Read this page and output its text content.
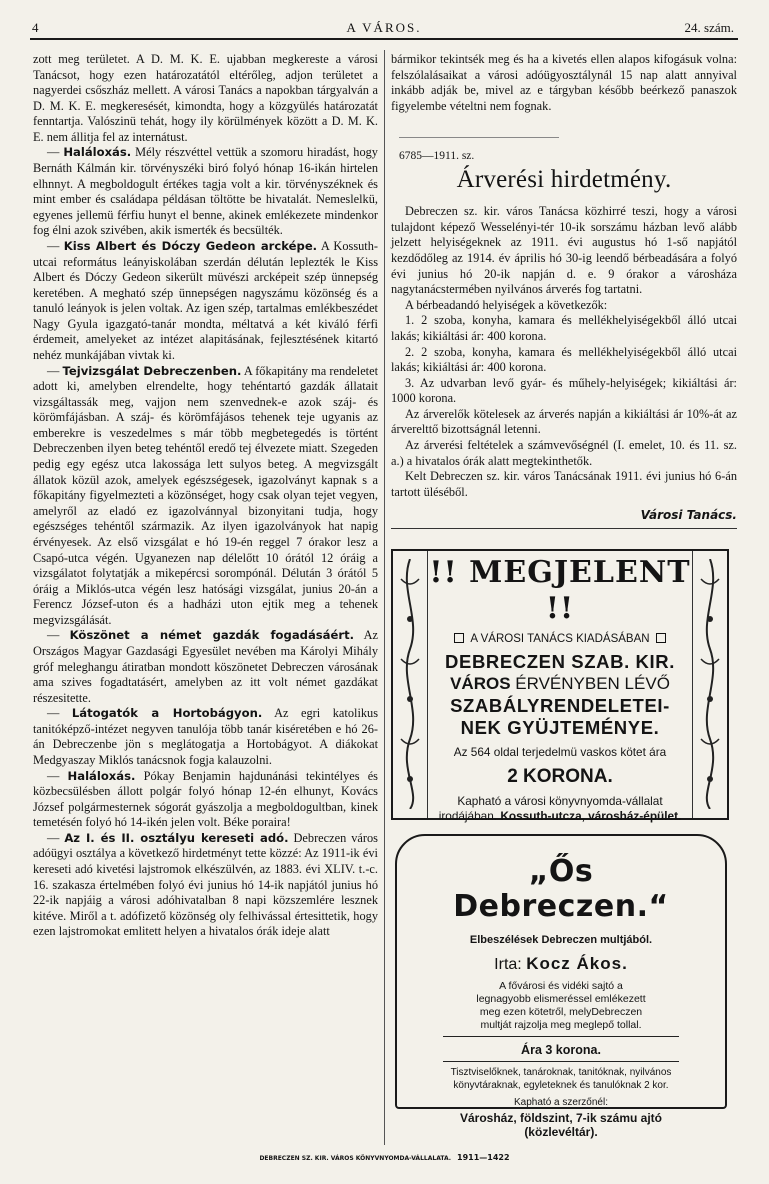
4	A VÁROS.	24. szám.

zott meg területet. A D. M. K. E. ujabban megkereste a városi Tanácsot, hogy ezen határozatától eltérőleg, adjon területet a nagyerdei csőszház mellett. A városi Tanács a napokban tárgyalván a D. M. K. E. megkeresését, kimondta, hogy a közgyülés határozatát fenntartja. Valószinü tehát, hogy ily körülmények között a D. M. K. E. nem állitja fel az internátust.

— Haláloxás. Mély részvéttel vettük a szomoru hiradást, hogy Bernáth Kálmán kir. törvényszéki biró folyó hónap 16-ikán hirtelen elhnnyt. A megboldogult értékes tagja volt a kir. törvényszéknek és mint ember és családapa példásan töltötte be hivatalát. Nemeslelkü, egyenes jellemü férfiu hunyt el benne, akinek emlékezete mindenkor fog élni azok szivében, akik ismerték és becsülték.

— Kiss Albert és Dóczy Gedeon arcképe. A Kossuth-utcai református leányiskolában szerdán délután leplezték le Kiss Albert és Dóczy Gedeon sikerült müvészi arcképeit szép ünnepség keretében. A megható szép ünnepségen nagyszámu közönség és a tanuló leányok is jelen voltak. Az igen szép, tartalmas emlékbeszédet Nagy Gyula igazgató-tanár mondta, méltatvá a két kiváló férfi érdemeit, amelyeket az intézet alapitásának, fejlesztésének kitartó nehéz munkájában vivtak ki.

— Tejvizsgálat Debreczenben. A főkapitány ma rendeletet adott ki, amelyben elrendelte, hogy tehéntartó gazdák állatait vizsgáltassák meg, vajjon nem szenvednek-e azok száj- és körömfájásban. A száj- és körömfájásos tehenek teje ugyanis az emberekre is veszedelmes s már több megbetegedés is történt Debreczenben ilyen beteg tehéntől eredő tej élvezete miatt. Szegeden pedig egy egész utca lakossága lett sulyos beteg. A megvizsgált állatok közül azok, amelyek egészségesek, igazolványt kapnak s a főkapitány figyelmezteti a közönséget, hogy csak olyan tejet vegyen, amelyről az eladó ez igazolvánnyal bizonyitani tudja, hogy egészséges tehéntől származik. Az ilyen igazolványok hat napig érvényesek. Az első vizsgálat e hó 19-én reggel 7 órakor lesz a Csapó-utca végén. Ugyanezen nap délelőtt 10 órától 12 óráig a vizsgálatot folytatják a mikepércsi sorompónál. Délután 3 órától 5 óráig a Miklós-utca végén lesz hatósági vizsgálat, junius 20-án a Ferencz József-uton és a hadházi uton ejtik meg a tehenek megvizsgálását.

— Köszönet a német gazdák fogadásáért. Az Országos Magyar Gazdasági Egyesület nevében ma Károlyi Mihály gróf meleghangu átiratban mondott köszönetet Debreczen városának ama szives fogadtatásért, amelyben az itt volt német gazdákat részesitette.

— Látogatók a Hortobágyon. Az egri katolikus tanitóképző-intézet negyven tanulója több tanár kiséretében e hó 26-án Debreczenbe jön s meglátogatja a Hortobágyot. A diákokat Medgyaszay Miklós tanácsnok fogja kalauzolni.

— Haláloxás. Pókay Benjamin hajdunánási tekintélyes és közbecsülésben állott polgár folyó hónap 12-én elhunyt, Kovács József polgármesternek sógorát gyászolja a megboldogultban, kinek temetésén folyó hó 14-ikén jelen volt. Béke poraira!

— Az I. és II. osztályu kereseti adó. Debreczen város adóügyi osztálya a következő hirdetményt tette közzé: Az 1911-ik évi kereseti adó kivetési lajstromok elkészülvén, az 1883. évi XLIV. t.-c. 16. szakasza értelmében folyó évi junius hó 14-ik napjától junius hó 22-ik napjáig a városi adóhivatalban 8 napi közszemlére lesznek kitéve. Miről a t. adófizető közönség oly felhivással értesittetik, hogy ezen lajstromokat emlitett helyen a hivatalos órák ideje alatt

bármikor tekintsék meg és ha a kivetés ellen alapos kifogásuk volna: felszólalásaikat a városi adóügyosztálynál 15 nap alatt annyival inkább adják be, mivel az e tárgyban később beérkező panaszok figyelembe vételtni nem fognak.

6785—1911. sz.
Árverési hirdetmény.

Debreczen sz. kir. város Tanácsa közhirré teszi, hogy a városi tulajdont képező Wesselényi-tér 10-ik sorszámu házban levő alább jelzett helyiségeknek az 1911. évi augustus hó 1-ső napjától kezdődőleg az 1914. év április hó 30-ig leendő bérbeadására a folyó évi junius hó 20-ik napján d. e. 9 órakor a városháza nagytanácstermében nyilvános árverés fog tartatni.

A bérbeadandó helyiségek a következők:

1. 2 szoba, konyha, kamara és mellékhelyiségekből álló utcai lakás; kikiáltási ár: 400 korona.

2. 2 szoba, konyha, kamara és mellékhelyiségekből álló utcai lakás; kikiáltási ár: 400 korona.

3. Az udvarban levő gyár- és műhely-helyiségek; kikiáltási ár: 1000 korona.

Az árverelők kötelesek az árverés napján a kikiáltási ár 10%-át az árverelttő bizottságnál letenni.

Az árverési feltételek a számvevőségnél (I. emelet, 10. és 11. sz. a.) a hivatalos órák alatt megtekinthetők.

Kelt Debreczen sz. kir. város Tanácsának 1911. évi junius hó 6-án tartott üléséből.

Városi Tanács.
!! MEGJELENT !!
A VÁROSI TANÁCS KIADÁSÁBAN
DEBRECZEN SZAB. KIR.
VÁROS ÉRVÉNYBEN LÉVŐ
SZABÁLYRENDELETEI-
NEK GYÜJTEMÉNYE.
Az 564 oldal terjedelmü vaskos kötet ára
2 KORONA.
Kapható a városi könyvnyomda-vállalat irodájában. Kossuth-utcza, városház-épület.
„Ős Debreczen.“
Elbeszélések Debreczen multjából.
Irta: Kocz Ákos.
A fővárosi és vidéki sajtó a legnagyobb elismeréssel emlékezett meg ezen kötetről, melyDebreczen multját rajzolja meg meglepő tollal.
Ára 3 korona.
Tisztviselőknek, tanároknak, tanitóknak, nyilvános könyvtáraknak, egyleteknek és tanulóknak 2 kor.
Kapható a szerzőnél:
Városház, földszint, 7-ik számu ajtó (közlevéltár).
DEBRECZEN SZ. KIR. VÁROS KÖNYVNYOMDA-VÁLLALATA. 1911—1422
